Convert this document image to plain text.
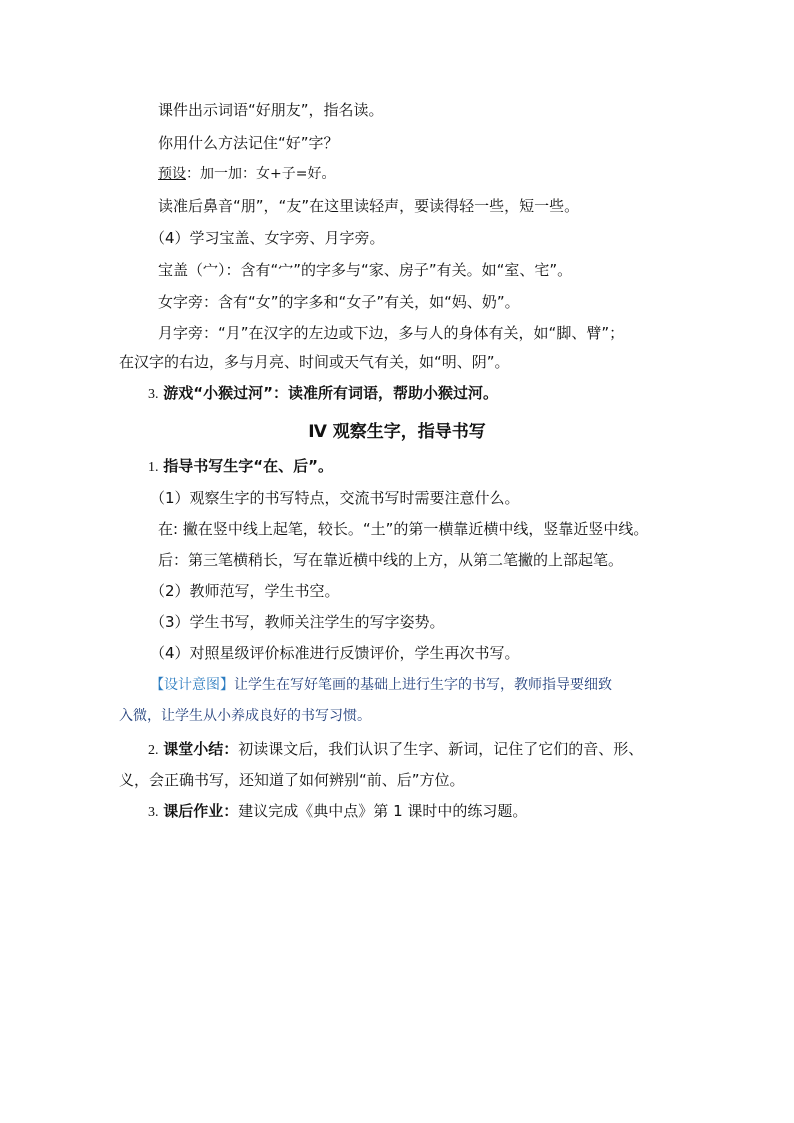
课件出示词语“好朋友”，指名读。
你用什么方法记住“好”字？
预设：加一加：女+子=好。
读准后鼻音“朋”，“友”在这里读轻声，要读得轻一些，短一些。
（4）学习宝盖、女字旁、月字旁。
宝盖（宀）：含有“宀”的字多与“家、房子”有关。如“室、宅”。
女字旁：含有“女”的字多和“女子”有关，如“妈、奶”。
月字旁：“月”在汉字的左边或下边，多与人的身体有关，如“脚、臂”；
在汉字的右边，多与月亮、时间或天气有关，如“明、阴”。
3. 游戏“小猴过河”：读准所有词语，帮助小猴过河。
Ⅳ 观察生字，指导书写
1. 指导书写生字“在、后”。
（1）观察生字的书写特点，交流书写时需要注意什么。
在: 撇在竖中线上起笔，较长。“土”的第一横靠近横中线，竖靠近竖中线。
后：第三笔横稍长，写在靠近横中线的上方，从第二笔撇的上部起笔。
（2）教师范写，学生书空。
（3）学生书写，教师关注学生的写字姿势。
（4）对照星级评价标准进行反馈评价，学生再次书写。
【设计意图】让学生在写好笔画的基础上进行生字的书写，教师指导要细致
入微，让学生从小养成良好的书写习惯。
2. 课堂小结：初读课文后，我们认识了生字、新词，记住了它们的音、形、
义，会正确书写，还知道了如何辨别“前、后”方位。
3. 课后作业：建议完成《典中点》第 1 课时中的练习题。
